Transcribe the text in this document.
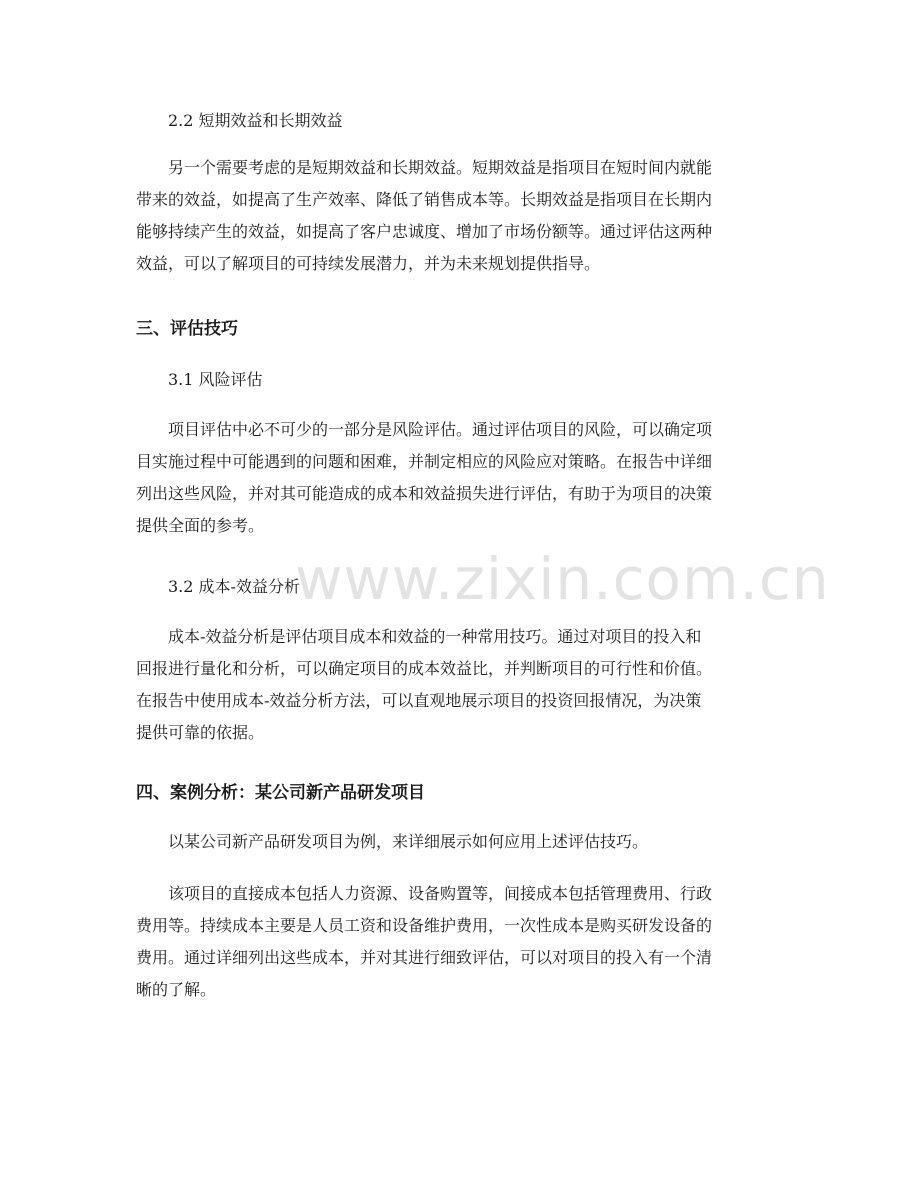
www.zixin.com.cn
2.2 短期效益和长期效益
另一个需要考虑的是短期效益和长期效益。短期效益是指项目在短时间内就能
带来的效益，如提高了生产效率、降低了销售成本等。长期效益是指项目在长期内
能够持续产生的效益，如提高了客户忠诚度、增加了市场份额等。通过评估这两种
效益，可以了解项目的可持续发展潜力，并为未来规划提供指导。
三、评估技巧
3.1 风险评估
项目评估中必不可少的一部分是风险评估。通过评估项目的风险，可以确定项
目实施过程中可能遇到的问题和困难，并制定相应的风险应对策略。在报告中详细
列出这些风险，并对其可能造成的成本和效益损失进行评估，有助于为项目的决策
提供全面的参考。
3.2 成本-效益分析
成本-效益分析是评估项目成本和效益的一种常用技巧。通过对项目的投入和
回报进行量化和分析，可以确定项目的成本效益比，并判断项目的可行性和价值。
在报告中使用成本-效益分析方法，可以直观地展示项目的投资回报情况，为决策
提供可靠的依据。
四、案例分析：某公司新产品研发项目
以某公司新产品研发项目为例，来详细展示如何应用上述评估技巧。
该项目的直接成本包括人力资源、设备购置等，间接成本包括管理费用、行政
费用等。持续成本主要是人员工资和设备维护费用，一次性成本是购买研发设备的
费用。通过详细列出这些成本，并对其进行细致评估，可以对项目的投入有一个清
晰的了解。
